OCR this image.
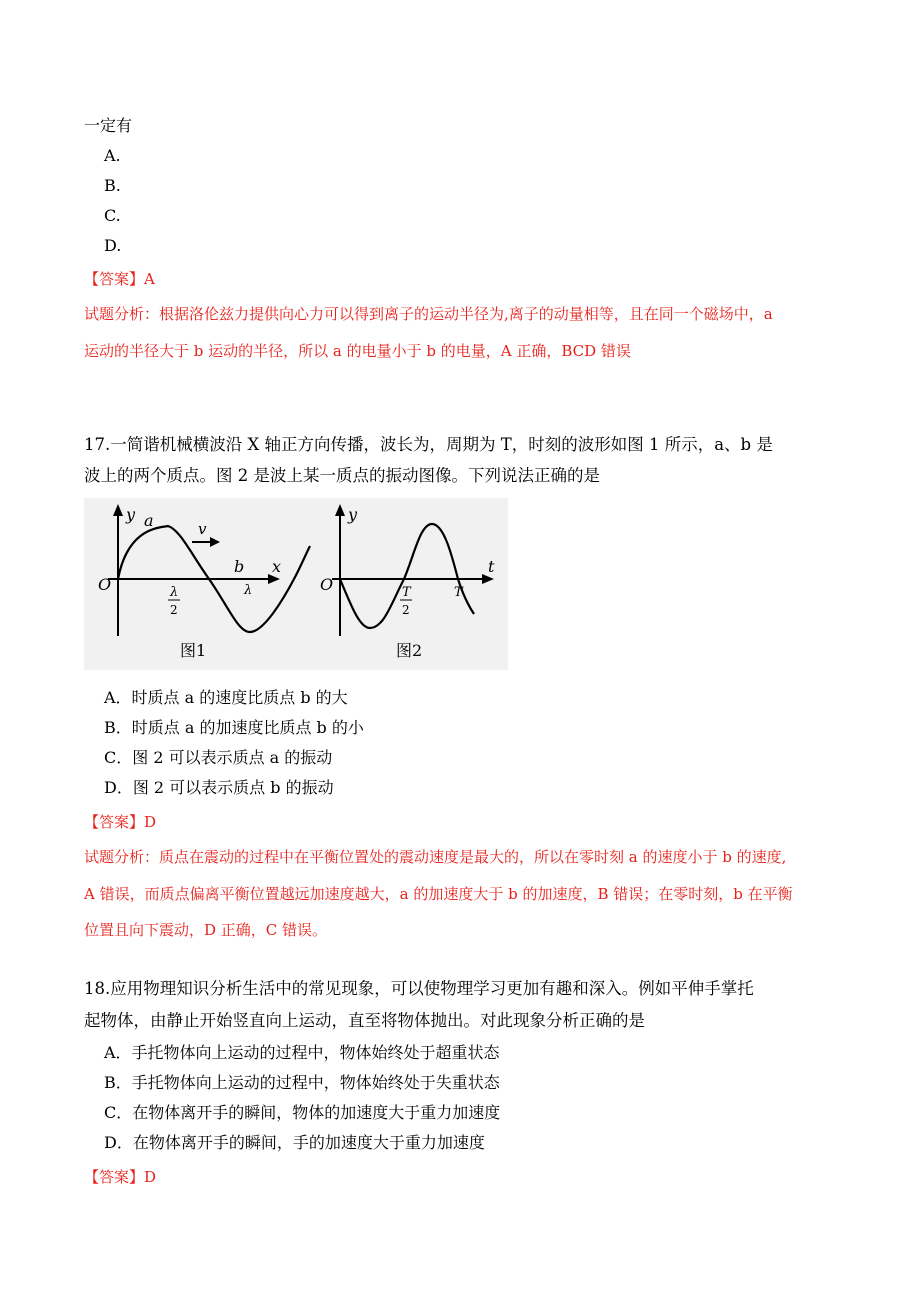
一定有
A.
B.
C.
D.
【答案】A
试题分析：根据洛伦兹力提供向心力可以得到离子的运动半径为,离子的动量相等，且在同一个磁场中，a
运动的半径大于 b 运动的半径，所以 a 的电量小于 b 的电量，A 正确，BCD 错误
17.一简谐机械横波沿 X 轴正方向传播，波长为，周期为 T，时刻的波形如图 1 所示，a、b 是
波上的两个质点。图 2 是波上某一质点的振动图像。下列说法正确的是
y
x
O
a
b
v
λ
λ
2
图1
y
t
O	T
2
T
图2
A．时质点 a 的速度比质点 b 的大
B．时质点 a 的加速度比质点 b 的小
C．图 2 可以表示质点 a 的振动
D．图 2 可以表示质点 b 的振动
【答案】D
试题分析：质点在震动的过程中在平衡位置处的震动速度是最大的，所以在零时刻 a 的速度小于 b 的速度,
A 错误，而质点偏离平衡位置越远加速度越大，a 的加速度大于 b 的加速度，B 错误；在零时刻，b 在平衡
位置且向下震动，D 正确，C 错误。
18.应用物理知识分析生活中的常见现象，可以使物理学习更加有趣和深入。例如平伸手掌托
起物体，由静止开始竖直向上运动，直至将物体抛出。对此现象分析正确的是
A．手托物体向上运动的过程中，物体始终处于超重状态
B．手托物体向上运动的过程中，物体始终处于失重状态
C．在物体离开手的瞬间，物体的加速度大于重力加速度
D．在物体离开手的瞬间，手的加速度大于重力加速度
【答案】D
